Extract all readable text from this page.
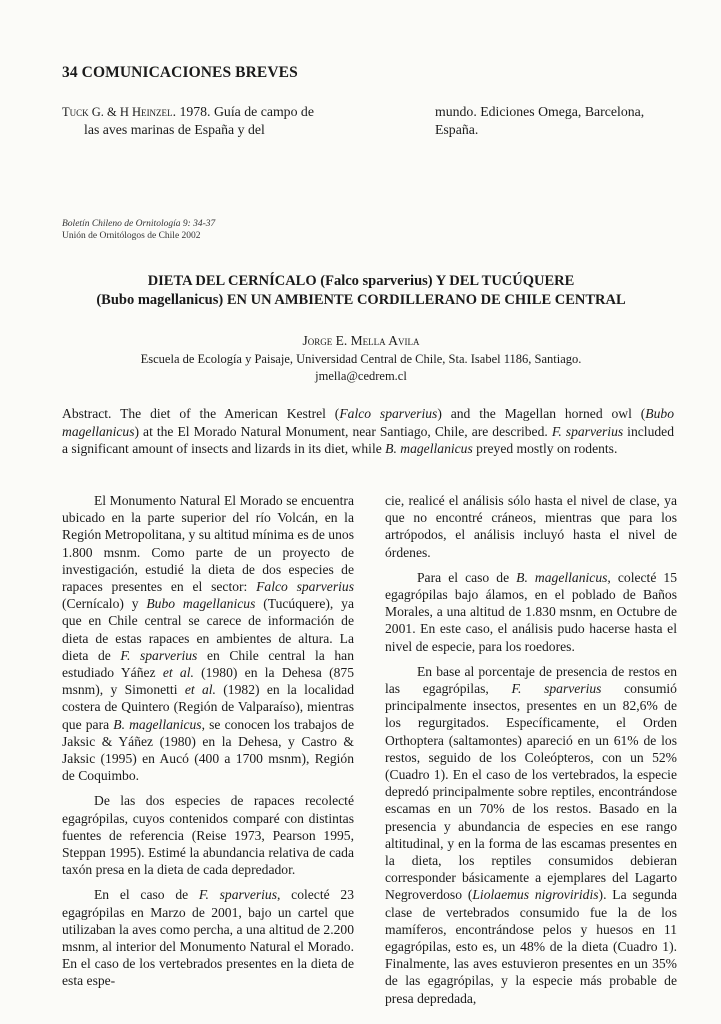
34 COMUNICACIONES BREVES
Tuck G. & H Heinzel. 1978. Guía de campo de
las aves marinas de España y del
mundo. Ediciones Omega, Barcelona,
España.
Boletín Chileno de Ornitología 9: 34-37
Unión de Ornitólogos de Chile 2002
DIETA DEL CERNÍCALO (Falco sparverius) Y DEL TUCÚQUERE
(Bubo magellanicus) EN UN AMBIENTE CORDILLERANO DE CHILE CENTRAL
Jorge E. Mella Avila
Escuela de Ecología y Paisaje, Universidad Central de Chile, Sta. Isabel 1186, Santiago.
jmella@cedrem.cl
Abstract. The diet of the American Kestrel (Falco sparverius) and the Magellan horned owl (Bubo magellanicus) at the El Morado Natural Monument, near Santiago, Chile, are described. F. sparverius included a significant amount of insects and lizards in its diet, while B. magellanicus preyed mostly on rodents.

El Monumento Natural El Morado se encuentra ubicado en la parte superior del río Volcán, en la Región Metropolitana, y su altitud mínima es de unos 1.800 msnm. Como parte de un proyecto de investigación, estudié la dieta de dos especies de rapaces presentes en el sector: Falco sparverius (Cernícalo) y Bubo magellanicus (Tucúquere), ya que en Chile central se carece de información de dieta de estas rapaces en ambientes de altura. La dieta de F. sparverius en Chile central la han estudiado Yáñez et al. (1980) en la Dehesa (875 msnm), y Simonetti et al. (1982) en la localidad costera de Quintero (Región de Valparaíso), mientras que para B. magellanicus, se conocen los trabajos de Jaksic & Yáñez (1980) en la Dehesa, y Castro & Jaksic (1995) en Aucó (400 a 1700 msnm), Región de Coquimbo.

De las dos especies de rapaces recolecté egagrópilas, cuyos contenidos comparé con distintas fuentes de referencia (Reise 1973, Pearson 1995, Steppan 1995). Estimé la abundancia relativa de cada taxón presa en la dieta de cada depredador.

En el caso de F. sparverius, colecté 23 egagrópilas en Marzo de 2001, bajo un cartel que utilizaban la aves como percha, a una altitud de 2.200 msnm, al interior del Monumento Natural el Morado. En el caso de los vertebrados presentes en la dieta de esta espe-

cie, realicé el análisis sólo hasta el nivel de clase, ya que no encontré cráneos, mientras que para los artrópodos, el análisis incluyó hasta el nivel de órdenes.

Para el caso de B. magellanicus, colecté 15 egagrópilas bajo álamos, en el poblado de Baños Morales, a una altitud de 1.830 msnm, en Octubre de 2001. En este caso, el análisis pudo hacerse hasta el nivel de especie, para los roedores.

En base al porcentaje de presencia de restos en las egagrópilas, F. sparverius consumió principalmente insectos, presentes en un 82,6% de los regurgitados. Específicamente, el Orden Orthoptera (saltamontes) apareció en un 61% de los restos, seguido de los Coleópteros, con un 52% (Cuadro 1). En el caso de los vertebrados, la especie depredó principalmente sobre reptiles, encontrándose escamas en un 70% de los restos. Basado en la presencia y abundancia de especies en ese rango altitudinal, y en la forma de las escamas presentes en la dieta, los reptiles consumidos debieran corresponder básicamente a ejemplares del Lagarto Negroverdoso (Liolaemus nigroviridis). La segunda clase de vertebrados consumido fue la de los mamíferos, encontrándose pelos y huesos en 11 egagrópilas, esto es, un 48% de la dieta (Cuadro 1). Finalmente, las aves estuvieron presentes en un 35% de las egagrópilas, y la especie más probable de presa depredada,
